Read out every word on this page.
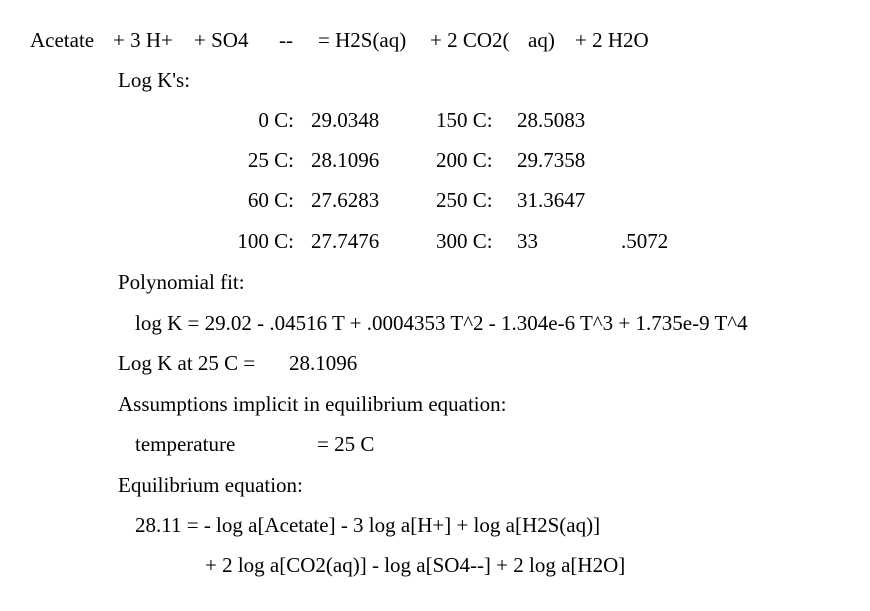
Acetate + 3 H+ + SO4 -- = H2S(aq) + 2 CO2( aq) + 2 H2O
Log K's:
0 C: 29.0348	150 C: 28.5083
25 C: 28.1096	200 C: 29.7358
60 C: 27.6283	250 C: 31.3647
100 C: 27.7476	300 C: 33	.5072
Polynomial fit:
log K = 29.02 - .04516 T + .0004353 T^2 - 1.304e-6 T^3 + 1.735e-9 T^4
Log K at 25 C = 28.1096
Assumptions implicit in equilibrium equation:
temperature	= 25 C
Equilibrium equation:
28.11 = - log a[Acetate] - 3 log a[H+] + log a[H2S(aq)]
+ 2 log a[CO2(aq)] - log a[SO4--] + 2 log a[H2O]
